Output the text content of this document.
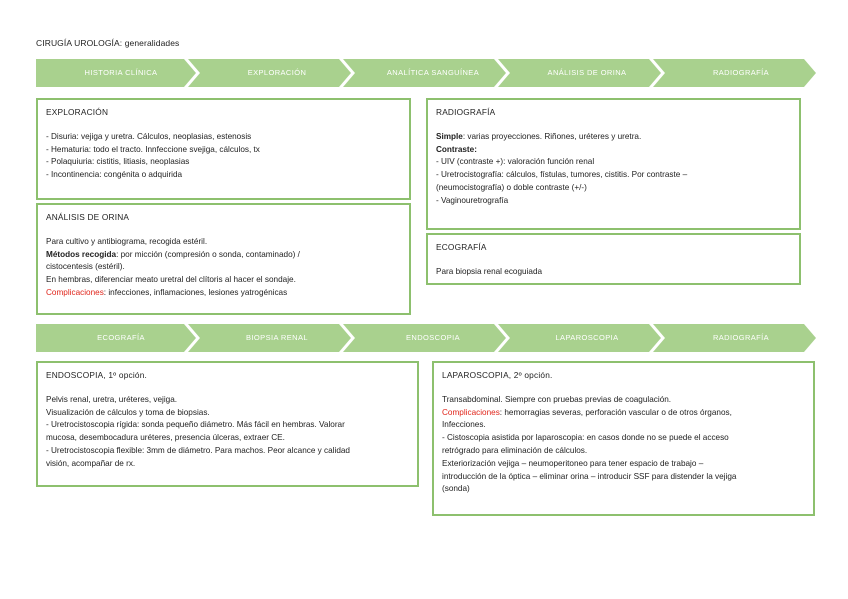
CIRUGÍA UROLOGÍA: generalidades
HISTORIA CLÍNICA	EXPLORACIÓN	ANALÍTICA SANGUÍNEA	ANÁLISIS DE ORINA	RADIOGRAFÍA
EXPLORACIÓN
- Disuria: vejiga y uretra. Cálculos, neoplasias, estenosis
- Hematuria: todo el tracto. Innfeccione svejiga, cálculos, tx
- Polaquiuria: cistitis, litiasis, neoplasias
- Incontinencia: congénita o adquirida
ANÁLISIS DE ORINA
Para cultivo y antibiograma, recogida estéril.
Métodos recogida: por micción (compresión o sonda, contaminado) /
cistocentesis (estéril).
En hembras, diferenciar meato uretral del clítoris al hacer el sondaje.
Complicaciones: infecciones, inflamaciones, lesiones yatrogénicas
RADIOGRAFÍA
Simple: varias proyecciones. Riñones, uréteres y uretra.
Contraste:
- UIV (contraste +): valoración función renal
- Uretrocistografía: cálculos, fístulas, tumores, cistitis. Por contraste –
(neumocistografía) o doble contraste (+/-)
- Vaginouretrografía
ECOGRAFÍA
Para biopsia renal ecoguiada
ECOGRAFÍA	BIOPSIA RENAL	ENDOSCOPIA	LAPAROSCOPIA	RADIOGRAFÍA
ENDOSCOPIA, 1º opción.
Pelvis renal, uretra, uréteres, vejiga.
Visualización de cálculos y toma de biopsias.
- Uretrocistoscopia rígida: sonda pequeño diámetro. Más fácil en hembras. Valorar
mucosa, desembocadura uréteres, presencia úlceras, extraer CE.
- Uretrocistoscopia flexible: 3mm de diámetro. Para machos. Peor alcance y calidad
visión, acompañar de rx.
LAPAROSCOPIA, 2º opción.
Transabdominal. Siempre con pruebas previas de coagulación.
Complicaciones: hemorragias severas, perforación vascular o de otros órganos,
Infecciones.
- Cistoscopia asistida por laparoscopia: en casos donde no se puede el acceso
retrógrado para eliminación de cálculos.
Exteriorización vejiga – neumoperitoneo para tener espacio de trabajo –
introducción de la óptica – eliminar orina – introducir SSF para distender la vejiga
(sonda)
